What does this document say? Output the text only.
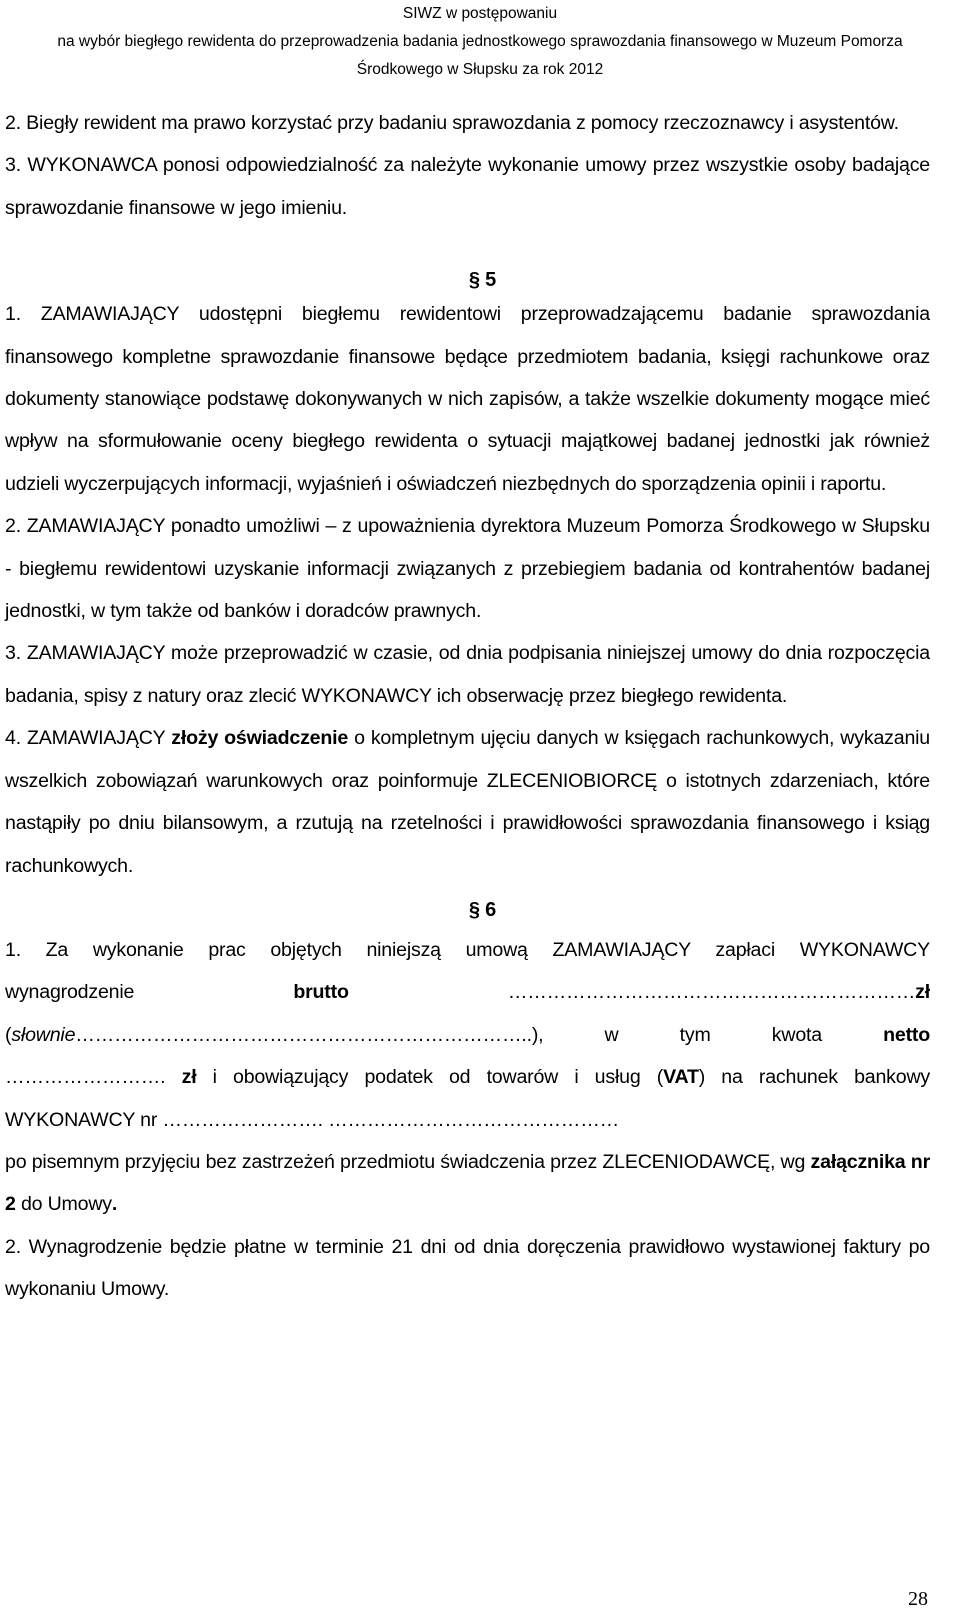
SIWZ w postępowaniu
na wybór biegłego rewidenta do przeprowadzenia badania jednostkowego sprawozdania finansowego w Muzeum Pomorza
Środkowego w Słupsku za rok 2012

2. Biegły rewident ma prawo korzystać przy badaniu sprawozdania z pomocy rzeczoznawcy i asystentów.

3. WYKONAWCA ponosi odpowiedzialność za należyte wykonanie umowy przez wszystkie osoby badające sprawozdanie finansowe w jego imieniu.

§ 5

1. ZAMAWIAJĄCY udostępni biegłemu rewidentowi przeprowadzającemu badanie sprawozdania finansowego kompletne sprawozdanie finansowe będące przedmiotem badania, księgi rachunkowe oraz dokumenty stanowiące podstawę dokonywanych w nich zapisów, a także wszelkie dokumenty mogące mieć wpływ na sformułowanie oceny biegłego rewidenta o sytuacji majątkowej badanej jednostki jak również udzieli wyczerpujących informacji, wyjaśnień i oświadczeń niezbędnych do sporządzenia opinii i raportu.

2. ZAMAWIAJĄCY ponadto umożliwi – z upoważnienia dyrektora Muzeum Pomorza Środkowego w Słupsku - biegłemu rewidentowi uzyskanie informacji związanych z przebiegiem badania od kontrahentów badanej jednostki, w tym także od banków i doradców prawnych.

3. ZAMAWIAJĄCY może przeprowadzić w czasie, od dnia podpisania niniejszej umowy do dnia rozpoczęcia badania, spisy z natury oraz zlecić WYKONAWCY ich obserwację przez biegłego rewidenta.

4. ZAMAWIAJĄCY złoży oświadczenie o kompletnym ujęciu danych w księgach rachunkowych, wykazaniu wszelkich zobowiązań warunkowych oraz poinformuje ZLECENIOBIORCĘ o istotnych zdarzeniach, które nastąpiły po dniu bilansowym, a rzutują na rzetelności i prawidłowości sprawozdania finansowego i ksiąg rachunkowych.

§ 6

1. Za wykonanie prac objętych niniejszą umową ZAMAWIAJĄCY zapłaci WYKONAWCY
wynagrodzenie	brutto	………………………………………………………zł
(słownie……………………………………………………………..), w tym kwota netto
……………………. zł i obowiązujący podatek od towarów i usług (VAT) na rachunek bankowy
WYKONAWCY nr ……………………. ………………………………………
po pisemnym przyjęciu bez zastrzeżeń przedmiotu świadczenia przez ZLECENIODAWCĘ, wg załącznika nr 2 do Umowy.

2. Wynagrodzenie będzie płatne w terminie 21 dni od dnia doręczenia prawidłowo wystawionej faktury po wykonaniu Umowy.

28
